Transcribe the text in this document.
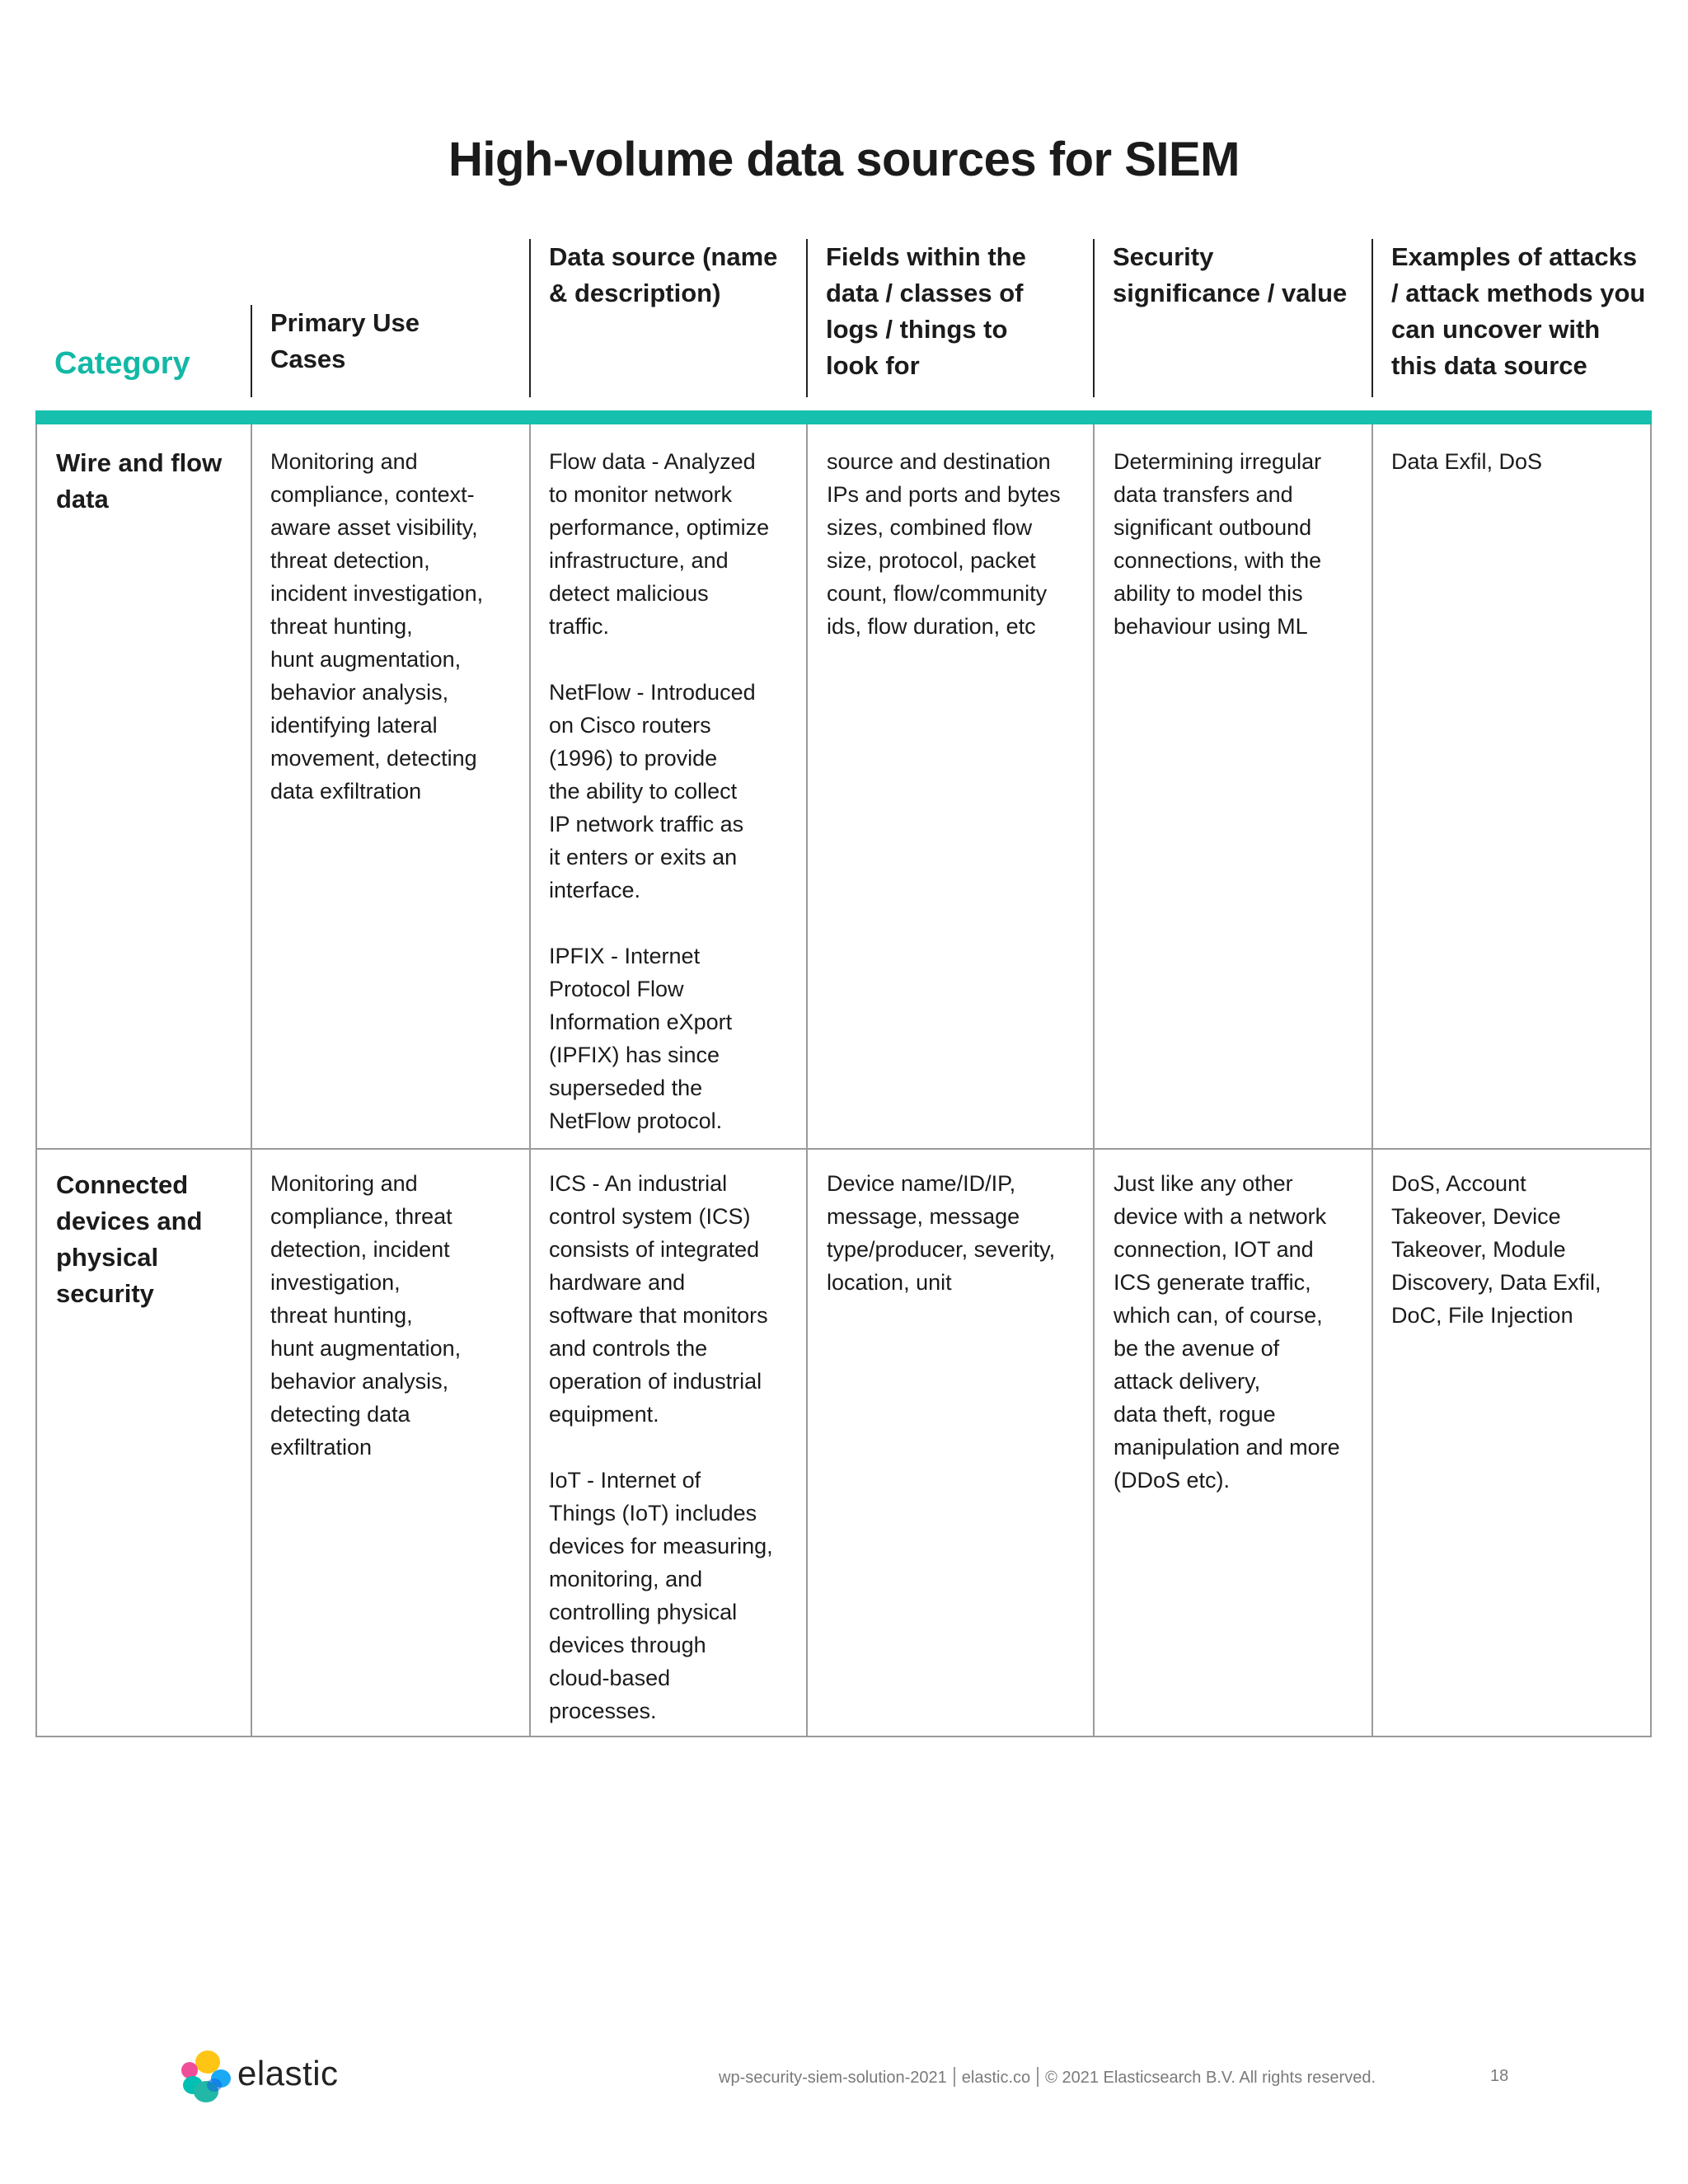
High-volume data sources for SIEM
Category
Primary Use
Cases
Data source (name
& description)
Fields within the
data / classes of
logs / things to
look for
Security
significance / value
Examples of attacks
/ attack methods you
can uncover with
this data source
Wire and flow
data
Monitoring and
compliance, context-
aware asset visibility,
threat detection,
incident investigation,
threat hunting,
hunt augmentation,
behavior analysis,
identifying lateral
movement, detecting
data exfiltration
Flow data - Analyzed
to monitor network
performance, optimize
infrastructure, and
detect malicious
traffic.

NetFlow - Introduced
on Cisco routers
(1996) to provide
the ability to collect
IP network traffic as
it enters or exits an
interface.

IPFIX - Internet
Protocol Flow
Information eXport
(IPFIX) has since
superseded the
NetFlow protocol.
source and destination
IPs and ports and bytes
sizes, combined flow
size, protocol, packet
count, flow/community
ids, flow duration, etc
Determining irregular
data transfers and
significant outbound
connections, with the
ability to model this
behaviour using ML
Data Exfil, DoS
Connected
devices and
physical
security
Monitoring and
compliance, threat
detection, incident
investigation,
threat hunting,
hunt augmentation,
behavior analysis,
detecting data
exfiltration
ICS - An industrial
control system (ICS)
consists of integrated
hardware and
software that monitors
and controls the
operation of industrial
equipment.

IoT - Internet of
Things (IoT) includes
devices for measuring,
monitoring, and
controlling physical
devices through
cloud-based
processes.
Device name/ID/IP,
message, message
type/producer, severity,
location, unit
Just like any other
device with a network
connection, IOT and
ICS generate traffic,
which can, of course,
be the avenue of
attack delivery,
data theft, rogue
manipulation and more
(DDoS etc).
DoS, Account
Takeover, Device
Takeover, Module
Discovery, Data Exfil,
DoC, File Injection
elastic	wp-security-siem-solution-2021 elastic.co © 2021 Elasticsearch B.V. All rights reserved.	18
